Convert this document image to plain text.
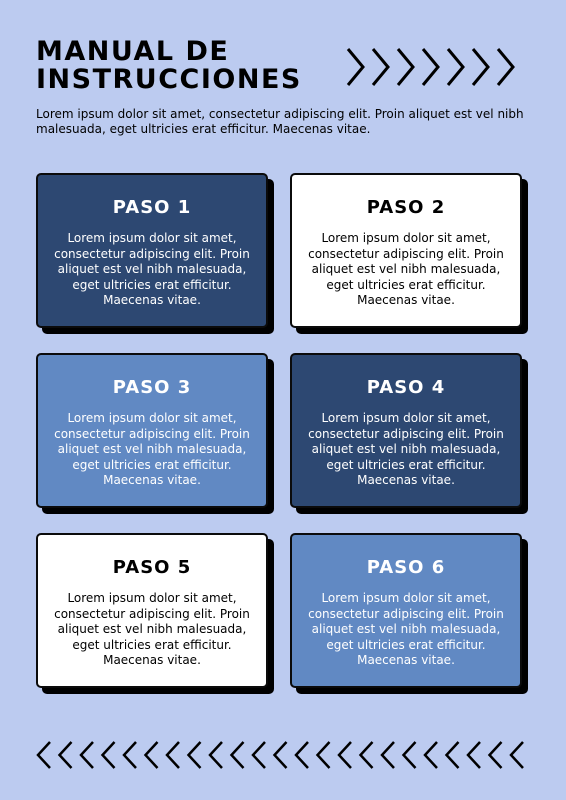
MANUAL DE
INSTRUCCIONES

Lorem ipsum dolor sit amet, consectetur adipiscing elit. Proin aliquet est vel nibh malesuada, eget ultricies erat efficitur. Maecenas vitae.

PASO 1

Lorem ipsum dolor sit amet, consectetur adipiscing elit. Proin aliquet est vel nibh malesuada, eget ultricies erat efficitur. Maecenas vitae.

PASO 2

Lorem ipsum dolor sit amet, consectetur adipiscing elit. Proin aliquet est vel nibh malesuada, eget ultricies erat efficitur. Maecenas vitae.

PASO 3

Lorem ipsum dolor sit amet, consectetur adipiscing elit. Proin aliquet est vel nibh malesuada, eget ultricies erat efficitur. Maecenas vitae.

PASO 4

Lorem ipsum dolor sit amet, consectetur adipiscing elit. Proin aliquet est vel nibh malesuada, eget ultricies erat efficitur. Maecenas vitae.

PASO 5

Lorem ipsum dolor sit amet, consectetur adipiscing elit. Proin aliquet est vel nibh malesuada, eget ultricies erat efficitur. Maecenas vitae.

PASO 6

Lorem ipsum dolor sit amet, consectetur adipiscing elit. Proin aliquet est vel nibh malesuada, eget ultricies erat efficitur. Maecenas vitae.
